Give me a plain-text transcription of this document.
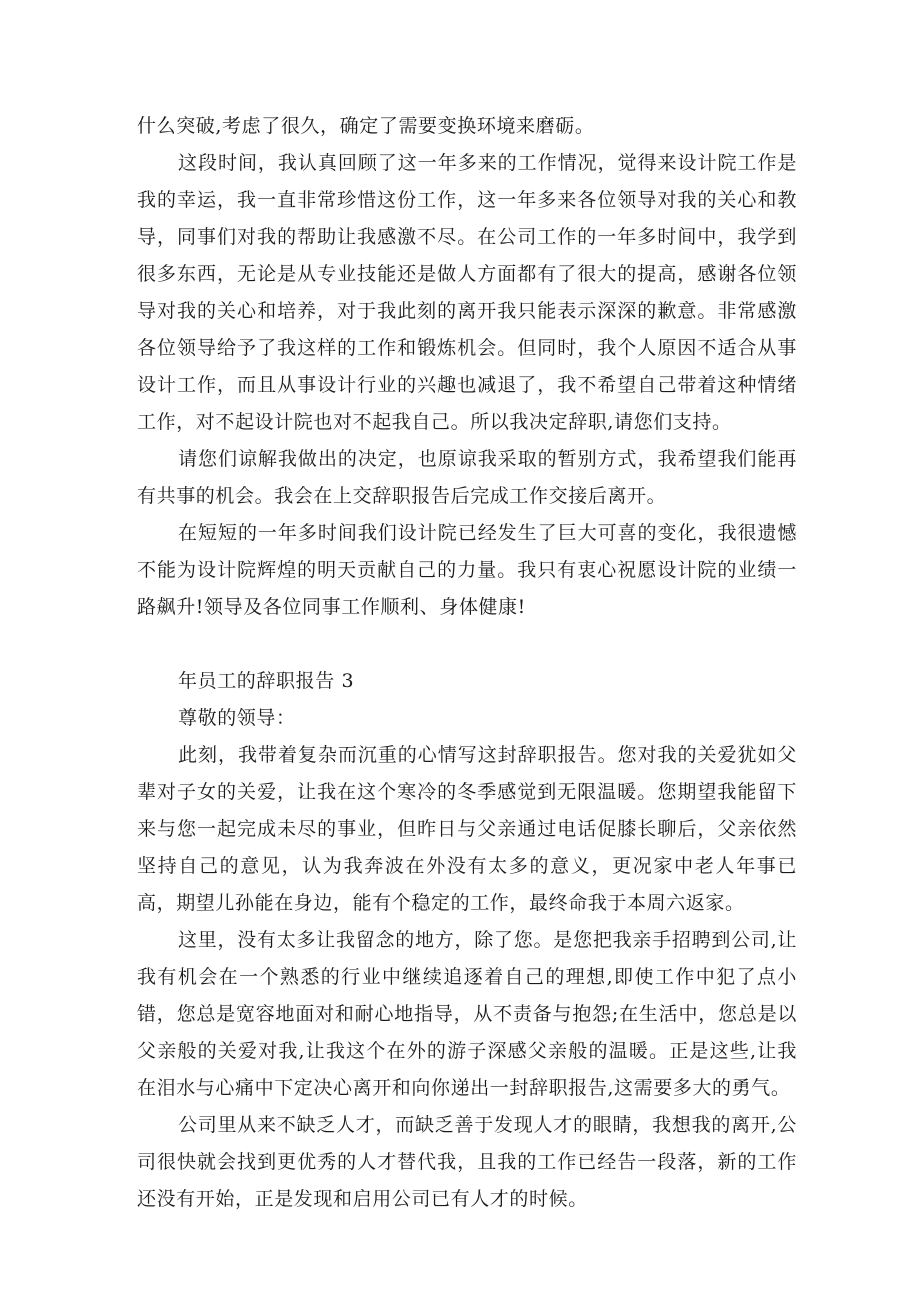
什么突破,考虑了很久，确定了需要变换环境来磨砺。

这段时间，我认真回顾了这一年多来的工作情况，觉得来设计院工作是我的幸运，我一直非常珍惜这份工作，这一年多来各位领导对我的关心和教导，同事们对我的帮助让我感激不尽。在公司工作的一年多时间中，我学到很多东西，无论是从专业技能还是做人方面都有了很大的提高，感谢各位领导对我的关心和培养，对于我此刻的离开我只能表示深深的歉意。非常感激各位领导给予了我这样的工作和锻炼机会。但同时，我个人原因不适合从事设计工作，而且从事设计行业的兴趣也减退了，我不希望自己带着这种情绪工作，对不起设计院也对不起我自己。所以我决定辞职,请您们支持。

请您们谅解我做出的决定，也原谅我采取的暂别方式，我希望我们能再有共事的机会。我会在上交辞职报告后完成工作交接后离开。

在短短的一年多时间我们设计院已经发生了巨大可喜的变化，我很遗憾不能为设计院辉煌的明天贡献自己的力量。我只有衷心祝愿设计院的业绩一路飙升!领导及各位同事工作顺利、身体健康!

年员工的辞职报告 3

尊敬的领导：

此刻，我带着复杂而沉重的心情写这封辞职报告。您对我的关爱犹如父辈对子女的关爱，让我在这个寒冷的冬季感觉到无限温暖。您期望我能留下来与您一起完成未尽的事业，但昨日与父亲通过电话促膝长聊后，父亲依然坚持自己的意见，认为我奔波在外没有太多的意义，更况家中老人年事已高，期望儿孙能在身边，能有个稳定的工作，最终命我于本周六返家。

这里，没有太多让我留念的地方，除了您。是您把我亲手招聘到公司,让我有机会在一个熟悉的行业中继续追逐着自己的理想,即使工作中犯了点小错，您总是宽容地面对和耐心地指导，从不责备与抱怨;在生活中，您总是以父亲般的关爱对我,让我这个在外的游子深感父亲般的温暖。正是这些,让我在泪水与心痛中下定决心离开和向你递出一封辞职报告,这需要多大的勇气。

公司里从来不缺乏人才，而缺乏善于发现人才的眼睛，我想我的离开,公司很快就会找到更优秀的人才替代我，且我的工作已经告一段落，新的工作还没有开始，正是发现和启用公司已有人才的时候。
